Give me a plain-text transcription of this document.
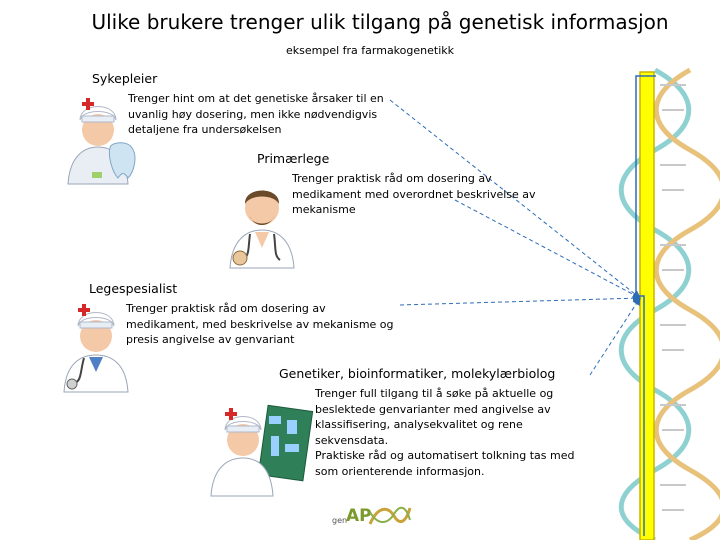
Ulike brukere trenger ulik tilgang på genetisk informasjon
eksempel fra farmakogenetikk
Sykepleier
Trenger hint om at det genetiske årsaker til en
uvanlig høy dosering, men ikke nødvendigvis
detaljene fra undersøkelsen
Primærlege
Trenger praktisk råd om dosering av
medikament med overordnet beskrivelse av
mekanisme
Legespesialist
Trenger praktisk råd om dosering av
medikament, med beskrivelse av mekanisme og
presis angivelse av genvariant
Genetiker, bioinformatiker, molekylærbiolog
Trenger full tilgang til å søke på aktuelle og
beslektede genvarianter med angivelse av
klassifisering, analysekvalitet og rene
sekvensdata.
Praktiske råd og automatisert tolkning tas med
som orienterende informasjon.
gen
AP
